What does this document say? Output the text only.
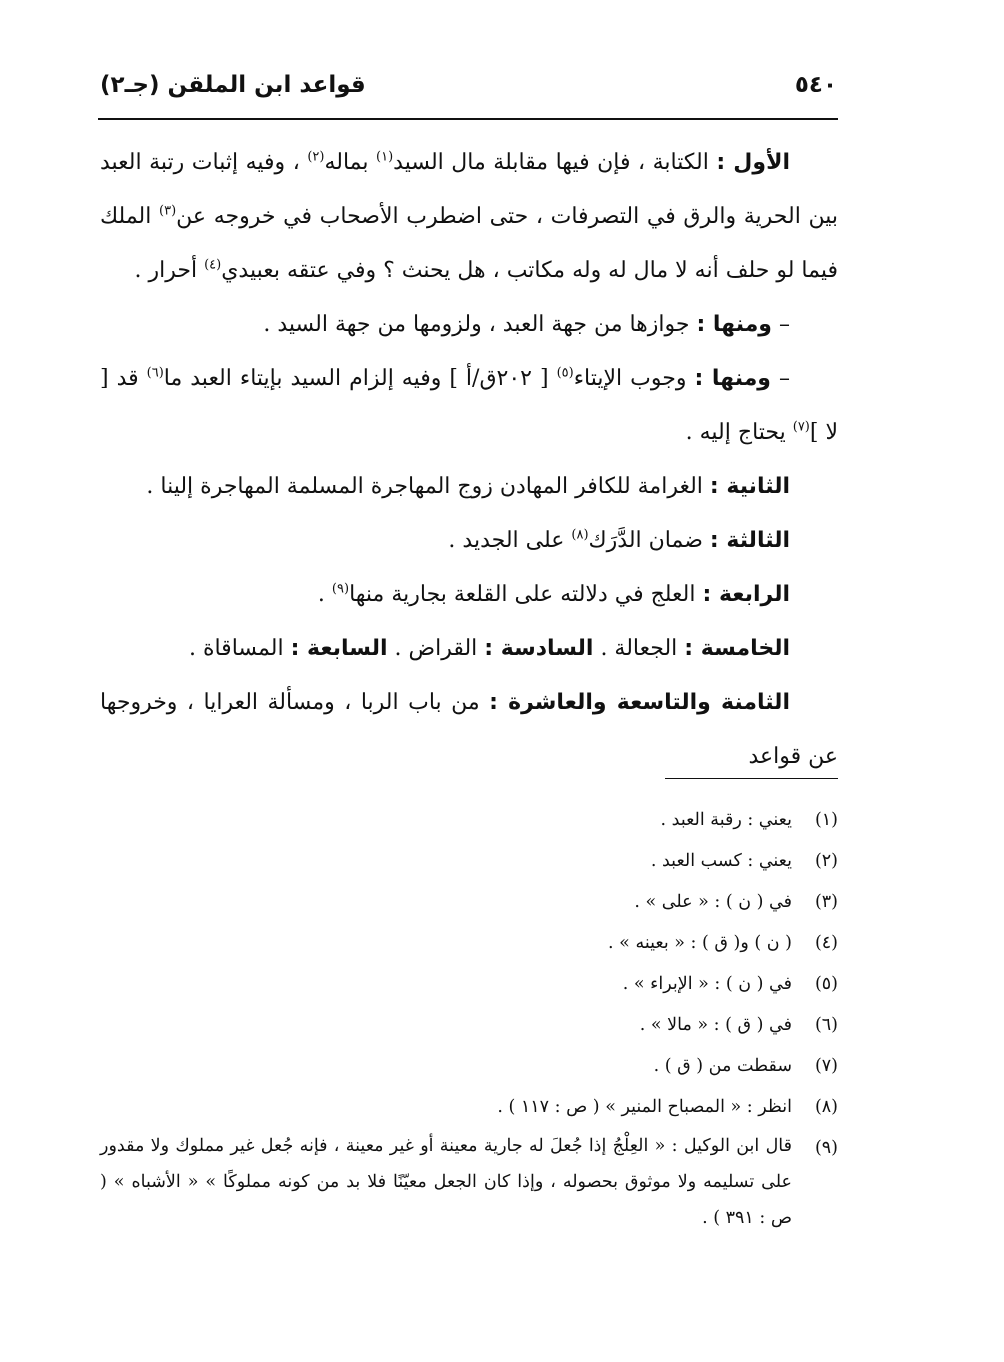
٥٤٠
قواعد ابن الملقن (جـ٢)

الأول : الكتابة ، فإن فيها مقابلة مال السيد$^{(١)}$ بماله$^{(٢)}$ ، وفيه إثبات رتبة العبد بين الحرية والرق في التصرفات ، حتى اضطرب الأصحاب في خروجه عن$^{(٣)}$ الملك فيما لو حلف أنه لا مال له وله مكاتب ، هل يحنث ؟ وفي عتقه بعبيدي$^{(٤)}$ أحرار .

– ومنها : جوازها من جهة العبد ، ولزومها من جهة السيد .

– ومنها : وجوب الإيتاء$^{(٥)}$ [ ٢٠٢ق/أ ] وفيه إلزام السيد بإيتاء العبد ما$^{(٦)}$ قد [ لا ]$^{(٧)}$ يحتاج إليه .

الثانية : الغرامة للكافر المهادن زوج المهاجرة المسلمة المهاجرة إلينا .

الثالثة : ضمان الدَّرَك$^{(٨)}$ على الجديد .

الرابعة : العلج في دلالته على القلعة بجارية منها$^{(٩)}$ .

الخامسة : الجعالة . السادسة : القراض . السابعة : المساقاة .

الثامنة والتاسعة والعاشرة : من باب الربا ، ومسألة العرايا ، وخروجها عن قواعد

(١)
يعني : رقبة العبد .
(٢)
يعني : كسب العبد .
(٣)
في ( ن ) : « على » .
(٤)
( ن ) و( ق ) : « بعينه » .
(٥)
في ( ن ) : « الإبراء » .
(٦)
في ( ق ) : « مالا » .
(٧)
سقطت من ( ق ) .
(٨)
انظر : « المصباح المنير » ( ص : ١١٧ ) .
(٩)
قال ابن الوكيل : « العِلْجُ إذا جُعلَ له جارية معينة أو غير معينة ، فإنه جُعل غير مملوك ولا مقدور على تسليمه ولا موثوق بحصوله ، وإذا كان الجعل معيّنًا فلا بد من كونه مملوكًا » « الأشباه » ( ص : ٣٩١ ) .
